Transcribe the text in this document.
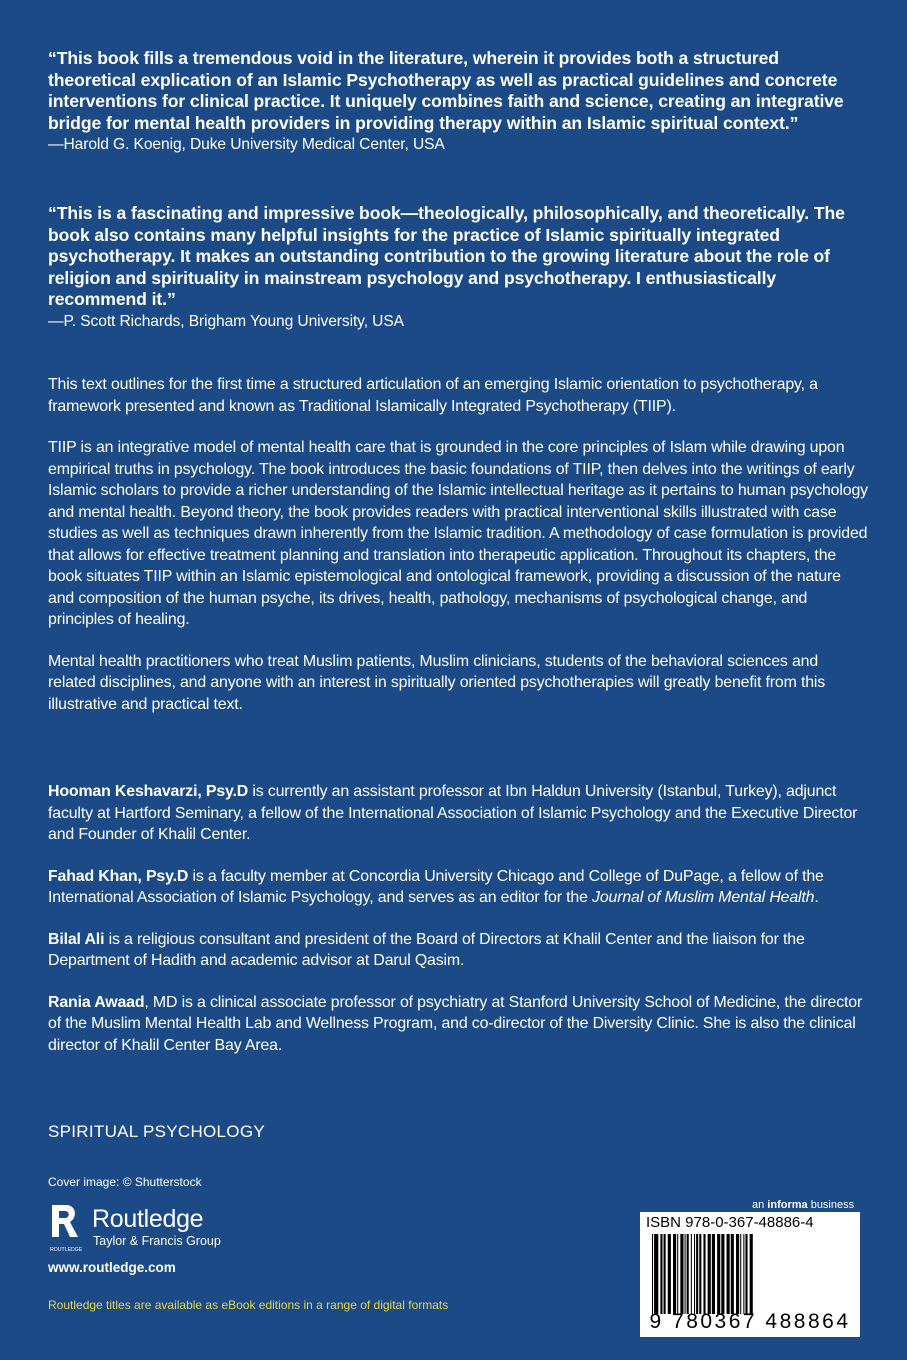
“This book fills a tremendous void in the literature, wherein it provides both a structured theoretical explication of an Islamic Psychotherapy as well as practical guidelines and concrete interventions for clinical practice. It uniquely combines faith and science, creating an integrative bridge for mental health providers in providing therapy within an Islamic spiritual context.”
—Harold G. Koenig, Duke University Medical Center, USA
“This is a fascinating and impressive book—theologically, philosophically, and theoretically. The book also contains many helpful insights for the practice of Islamic spiritually integrated psychotherapy. It makes an outstanding contribution to the growing literature about the role of religion and spirituality in mainstream psychology and psychotherapy. I enthusiastically recommend it.”
—P. Scott Richards, Brigham Young University, USA

This text outlines for the first time a structured articulation of an emerging Islamic orientation to psychotherapy, a framework presented and known as Traditional Islamically Integrated Psychotherapy (TIIP).

TIIP is an integrative model of mental health care that is grounded in the core principles of Islam while drawing upon empirical truths in psychology. The book introduces the basic foundations of TIIP, then delves into the writings of early Islamic scholars to provide a richer understanding of the Islamic intellectual heritage as it pertains to human psychology and mental health. Beyond theory, the book provides readers with practical interventional skills illustrated with case studies as well as techniques drawn inherently from the Islamic tradition. A methodology of case formulation is provided that allows for effective treatment planning and translation into therapeutic application. Throughout its chapters, the book situates TIIP within an Islamic epistemological and ontological framework, providing a discussion of the nature and composition of the human psyche, its drives, health, pathology, mechanisms of psychological change, and principles of healing.

Mental health practitioners who treat Muslim patients, Muslim clinicians, students of the behavioral sciences and related disciplines, and anyone with an interest in spiritually oriented psychotherapies will greatly benefit from this illustrative and practical text.

Hooman Keshavarzi, Psy.D is currently an assistant professor at Ibn Haldun University (Istanbul, Turkey), adjunct faculty at Hartford Seminary, a fellow of the International Association of Islamic Psychology and the Executive Director and Founder of Khalil Center.

Fahad Khan, Psy.D is a faculty member at Concordia University Chicago and College of DuPage, a fellow of the International Association of Islamic Psychology, and serves as an editor for the Journal of Muslim Mental Health.

Bilal Ali is a religious consultant and president of the Board of Directors at Khalil Center and the liaison for the Department of Hadith and academic advisor at Darul Qasim.

Rania Awaad, MD is a clinical associate professor of psychiatry at Stanford University School of Medicine, the director of the Muslim Mental Health Lab and Wellness Program, and co-director of the Diversity Clinic. She is also the clinical director of Khalil Center Bay Area.

SPIRITUAL PSYCHOLOGY
Cover image: © Shutterstock
ROUTLEDGE
Routledge
Taylor & Francis Group
www.routledge.com
Routledge titles are available as eBook editions in a range of digital formats
an informa business
ISBN 978-0-367-48886-4
9 780367 488864
